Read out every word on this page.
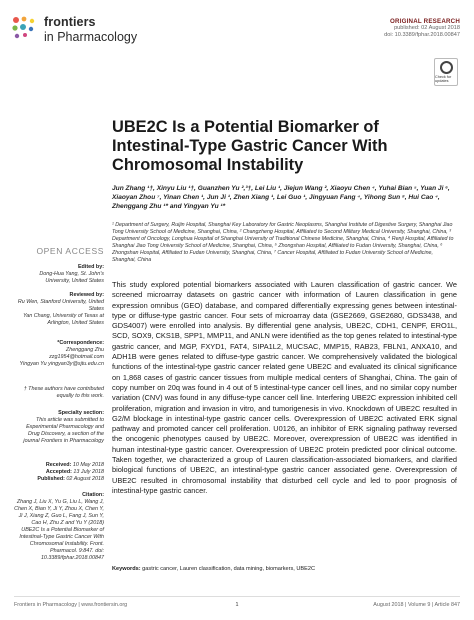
frontiers
in Pharmacology
ORIGINAL RESEARCH
published: 02 August 2018
doi: 10.3389/fphar.2018.00847
Check for updates
UBE2C Is a Potential Biomarker of Intestinal-Type Gastric Cancer With Chromosomal Instability
Jun Zhang ¹†, Xinyu Liu ¹†, Guanzhen Yu ²,³†, Lei Liu ¹, Jiejun Wang ², Xiaoyu Chen ⁴, Yuhai Bian ⁵, Yuan Ji ⁶, Xiaoyan Zhou ⁷, Yinan Chen ¹, Jun Ji ¹, Zhen Xiang ¹, Lei Guo ¹, Jingyuan Fang ⁴, Yihong Sun ⁸, Hui Cao ⁴, Zhenggang Zhu ¹* and Yingyan Yu ¹*
¹ Department of Surgery, Ruijin Hospital, Shanghai Key Laboratory for Gastric Neoplasms, Shanghai Institute of Digestive Surgery, Shanghai Jiao Tong University School of Medicine, Shanghai, China, ² Changzheng Hospital, Affiliated to Second Military Medical University, Shanghai, China, ³ Department of Oncology, Longhua Hospital of Shanghai University of Traditional Chinese Medicine, Shanghai, China, ⁴ Renji Hospital, Affiliated to Shanghai Jiao Tong University School of Medicine, Shanghai, China, ⁵ Zhongshan Hospital, Affiliated to Fudan University, Shanghai, China, ⁶ Zhongshan Hospital, Affiliated to Fudan University, Shanghai, China, ⁷ Cancer Hospital, Affiliated to Fudan University School of Medicine, Shanghai, China
OPEN ACCESS
Edited by:
Dong-Hua Yang, St. John's University, United States
Reviewed by:
Ru Wen, Stanford University, United States
Yan Chang, University of Texas at Arlington, United States
*Correspondence:
Zhenggang Zhu zzg1954@hotmail.com
Yingyan Yu yingyan3y@sjtu.edu.cn
† These authors have contributed equally to this work.
Specialty section:
This article was submitted to Experimental Pharmacology and Drug Discovery, a section of the journal Frontiers in Pharmacology
Received: 10 May 2018
Accepted: 13 July 2018
Published: 02 August 2018
Citation:
Zhang J, Liu X, Yu G, Liu L, Wang J, Chen X, Bian Y, Ji Y, Zhou X, Chen Y, Ji J, Xiang Z, Guo L, Fang J, Sun Y, Cao H, Zhu Z and Yu Y (2018) UBE2C Is a Potential Biomarker of Intestinal-Type Gastric Cancer With Chromosomal Instability. Front. Pharmacol. 9:847. doi: 10.3389/fphar.2018.00847
This study explored potential biomarkers associated with Lauren classification of gastric cancer. We screened microarray datasets on gastric cancer with information of Lauren classification in gene expression omnibus (GEO) database, and compared differentially expressing genes between intestinal-type or diffuse-type gastric cancer. Four sets of microarray data (GSE2669, GSE2680, GDS3438, and GDS4007) were enrolled into analysis. By differential gene analysis, UBE2C, CDH1, CENPF, ERO1L, SCD, SOX9, CKS1B, SPP1, MMP11, and ANLN were identified as the top genes related to intestinal-type gastric cancer, and MGP, FXYD1, FAT4, SIPA1L2, MUCSAC, MMP15, RAB23, FBLN1, ANXA10, and ADH1B were genes related to diffuse-type gastric cancer. We comprehensively validated the biological functions of the intestinal-type gastric cancer related gene UBE2C and evaluated its clinical significance on 1,868 cases of gastric cancer tissues from multiple medical centers of Shanghai, China. The gain of copy number on 20q was found in 4 out of 5 intestinal-type cancer cell lines, and no similar copy number variation (CNV) was found in any diffuse-type cancer cell line. Interfering UBE2C expression inhibited cell proliferation, migration and invasion in vitro, and tumorigenesis in vivo. Knockdown of UBE2C resulted in G2/M blockage in intestinal-type gastric cancer cells. Overexpression of UBE2C activated ERK signal pathway and promoted cancer cell proliferation. U0126, an inhibitor of ERK signaling pathway reversed the oncogenic phenotypes caused by UBE2C. Moreover, overexpression of UBE2C was identified in human intestinal-type gastric cancer. Overexpression of UBE2C protein predicted poor clinical outcome. Taken together, we characterized a group of Lauren classification-associated biomarkers, and clarified biological functions of UBE2C, an intestinal-type gastric cancer associated gene. Overexpression of UBE2C resulted in chromosomal instability that disturbed cell cycle and led to poor prognosis of intestinal-type gastric cancer.
Keywords: gastric cancer, Lauren classification, data mining, biomarkers, UBE2C
Frontiers in Pharmacology | www.frontiersin.org	1	August 2018 | Volume 9 | Article 847
